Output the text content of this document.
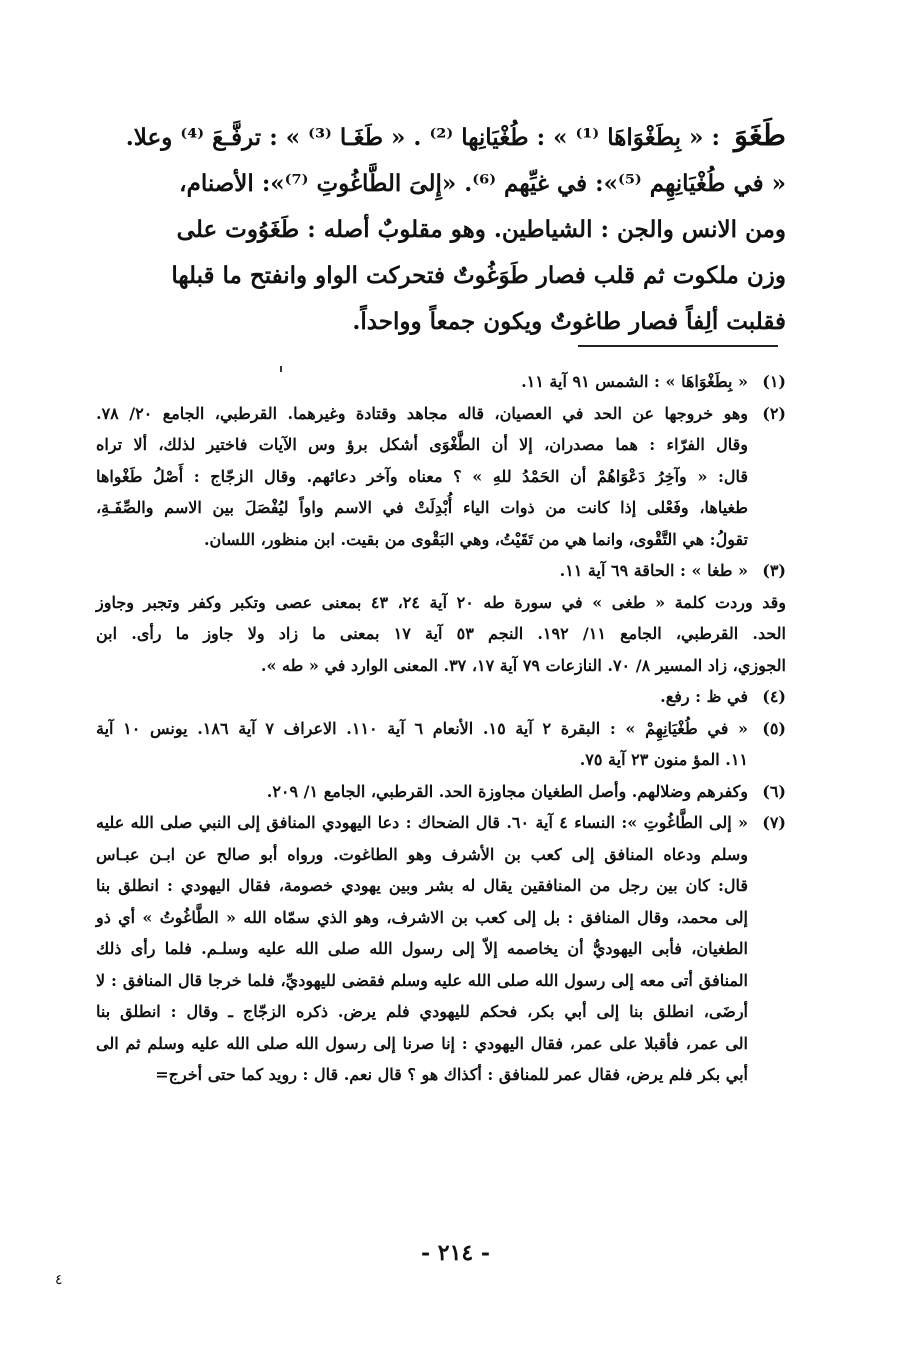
طَغَوَ: « بِطَغْوَاهَا ⁽¹⁾ » : طُغْيَانِها ⁽²⁾ . « طَغَـا ⁽³⁾ » : ترفَّـعَ ⁽⁴⁾ وعلا.
« في طُغْيَانِهِم ⁽⁵⁾»: في غيِّهم ⁽⁶⁾. «إِلىَ الطَّاغُوتِ ⁽⁷⁾»: الأصنام،
ومن الانس والجن : الشياطين. وهو مقلوبٌ أصله : طَغَوُوت على
وزن ملكوت ثم قلب فصار طَوَغُوتٌ فتحركت الواو وانفتح ما قبلها
فقلبت ألِفاً فصار طاغوتٌ ويكون جمعاً وواحداً.
(١)
« بِطَغْوَاهَا » : الشمس ٩١ آية ١١.
(٢)
وهو خروجها عن الحد في العصيان، قاله مجاهد وقتادة وغيرهما. القرطبي، الجامع ٢٠/ ٧٨.
وقال الفرّاء : هما مصدران، إلا أن الطَّغْوَى أشكل برؤ وس الآيات فاختير لذلك، ألا تراه
قال: « وآخِرُ دَعْوَاهُمْ أن الحَمْدُ للهِ » ؟ معناه وآخر دعائهم. وقال الزجّاج : أَصْلُ طَغْواها
طغياها، وفَعْلى إذا كانت من ذوات الياء أُبْدِلَتْ في الاسم واواً ليُفْصَلَ بين الاسم والصِّفَـةِ،
تقولُ: هي التَّقْوى، وانما هي من تَقَيْتُ، وهي البَقْوى من بقيت. ابن منظور، اللسان.
(٣)
« طغا » : الحاقة ٦٩ آية ١١.
وقد وردت كلمة « طغى » في سورة طه ٢٠ آية ٢٤، ٤٣ بمعنى عصى وتكبر وكفر وتجبر وجاوز
الحد. القرطبي، الجامع ١١/ ١٩٢. النجم ٥٣ آية ١٧ بمعنى ما زاد ولا جاوز ما رأى. ابن
الجوزي، زاد المسير ٨/ ٧٠. النازعات ٧٩ آية ١٧، ٣٧. المعنى الوارد في « طه ».
(٤)
في ظ : رفع.
(٥)
« في طُغْيَانِهِمْ » : البقرة ٢ آية ١٥. الأنعام ٦ آية ١١٠. الاعراف ٧ آية ١٨٦. يونس ١٠ آية
١١. المؤ منون ٢٣ آية ٧٥.
(٦)
وكفرهم وضلالهم. وأصل الطغيان مجاوزة الحد. القرطبي، الجامع ١/ ٢٠٩.
(٧)
« إلى الطَّاغُوتِ »: النساء ٤ آية ٦٠. قال الضحاك : دعا اليهودي المنافق إلى النبي صلى الله عليه
وسلم ودعاه المنافق إلى كعب بن الأشرف وهو الطاغوت. ورواه أبو صالح عن ابـن عبـاس
قال: كان بين رجل من المنافقين يقال له بشر وبين يهودي خصومة، فقال اليهودي : انطلق بنا
إلى محمد، وقال المنافق : بل إلى كعب بن الاشرف، وهو الذي سمّاه الله « الطَّاغُوتُ » أي ذو
الطغيان، فأبى اليهوديُّ أن يخاصمه إلاّ إلى رسول الله صلى الله عليه وسلـم. فلما رأى ذلك
المنافق أتى معه إلى رسول الله صلى الله عليه وسلم فقضى لليهوديِّ، فلما خرجا قال المنافق : لا
أرضَى، انطلق بنا إلى أبي بكر، فحكم لليهودي فلم يرض. ذكره الزجّاج ـ وقال : انطلق بنا
الى عمر، فأقبلا على عمر، فقال اليهودي : إنا صرنا إلى رسول الله صلى الله عليه وسلم ثم الى
أبي بكر فلم يرض، فقال عمر للمنافق : أكذاك هو ؟ قال نعم. قال : رويد كما حتى أخرج=
- ٢١٤ -
٤
